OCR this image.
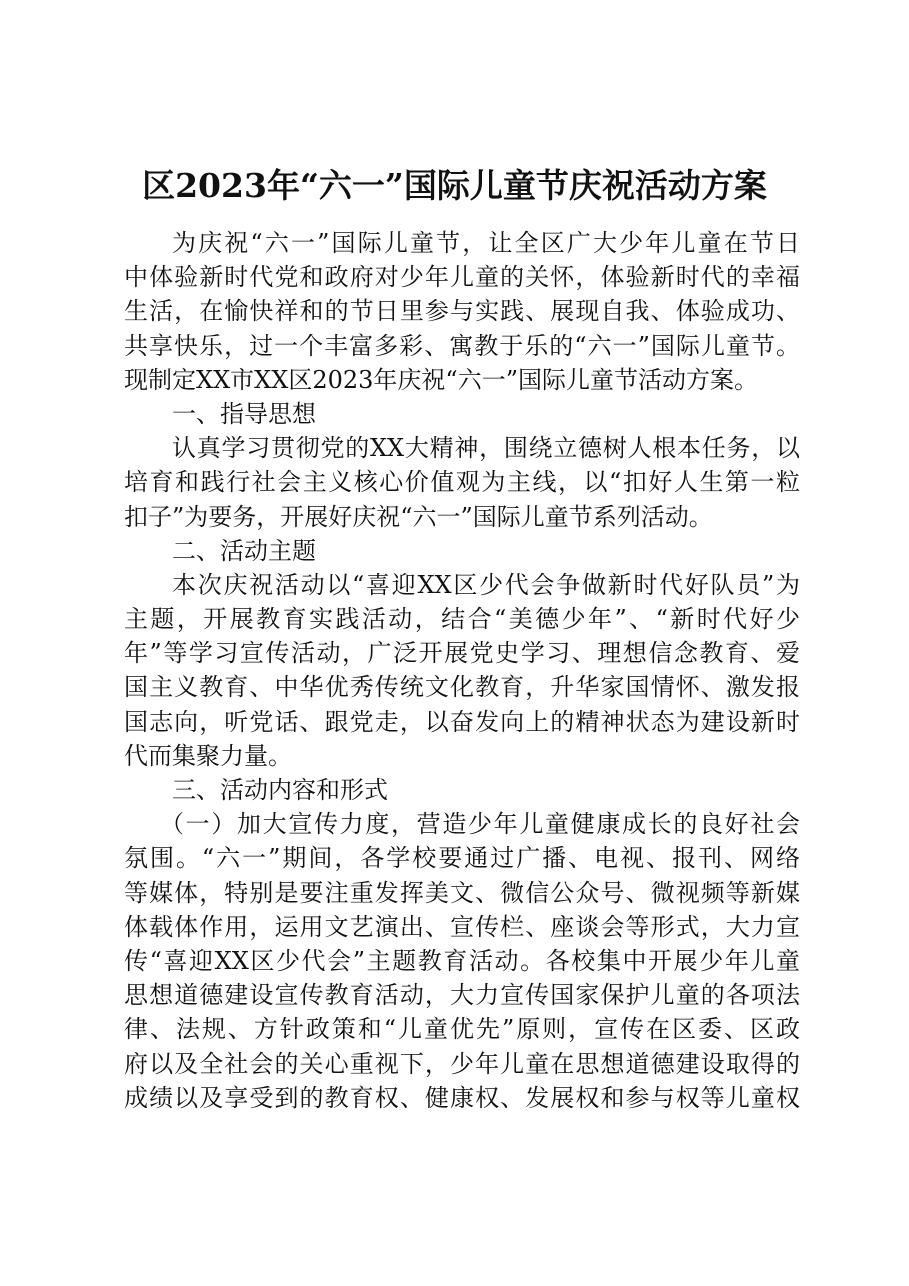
区2023年“六一”国际儿童节庆祝活动方案
为庆祝“六一”国际儿童节，让全区广大少年儿童在节日
中体验新时代党和政府对少年儿童的关怀，体验新时代的幸福
生活，在愉快祥和的节日里参与实践、展现自我、体验成功、
共享快乐，过一个丰富多彩、寓教于乐的“六一”国际儿童节。
现制定XX市XX区2023年庆祝“六一”国际儿童节活动方案。
一、指导思想
认真学习贯彻党的XX大精神，围绕立德树人根本任务，以
培育和践行社会主义核心价值观为主线，以“扣好人生第一粒
扣子”为要务，开展好庆祝“六一”国际儿童节系列活动。
二、活动主题
本次庆祝活动以“喜迎XX区少代会争做新时代好队员”为
主题，开展教育实践活动，结合“美德少年”、“新时代好少
年”等学习宣传活动，广泛开展党史学习、理想信念教育、爱
国主义教育、中华优秀传统文化教育，升华家国情怀、激发报
国志向，听党话、跟党走，以奋发向上的精神状态为建设新时
代而集聚力量。
三、活动内容和形式
（一）加大宣传力度，营造少年儿童健康成长的良好社会
氛围。“六一”期间，各学校要通过广播、电视、报刊、网络
等媒体，特别是要注重发挥美文、微信公众号、微视频等新媒
体载体作用，运用文艺演出、宣传栏、座谈会等形式，大力宣
传“喜迎XX区少代会”主题教育活动。各校集中开展少年儿童
思想道德建设宣传教育活动，大力宣传国家保护儿童的各项法
律、法规、方针政策和“儿童优先”原则，宣传在区委、区政
府以及全社会的关心重视下，少年儿童在思想道德建设取得的
成绩以及享受到的教育权、健康权、发展权和参与权等儿童权
